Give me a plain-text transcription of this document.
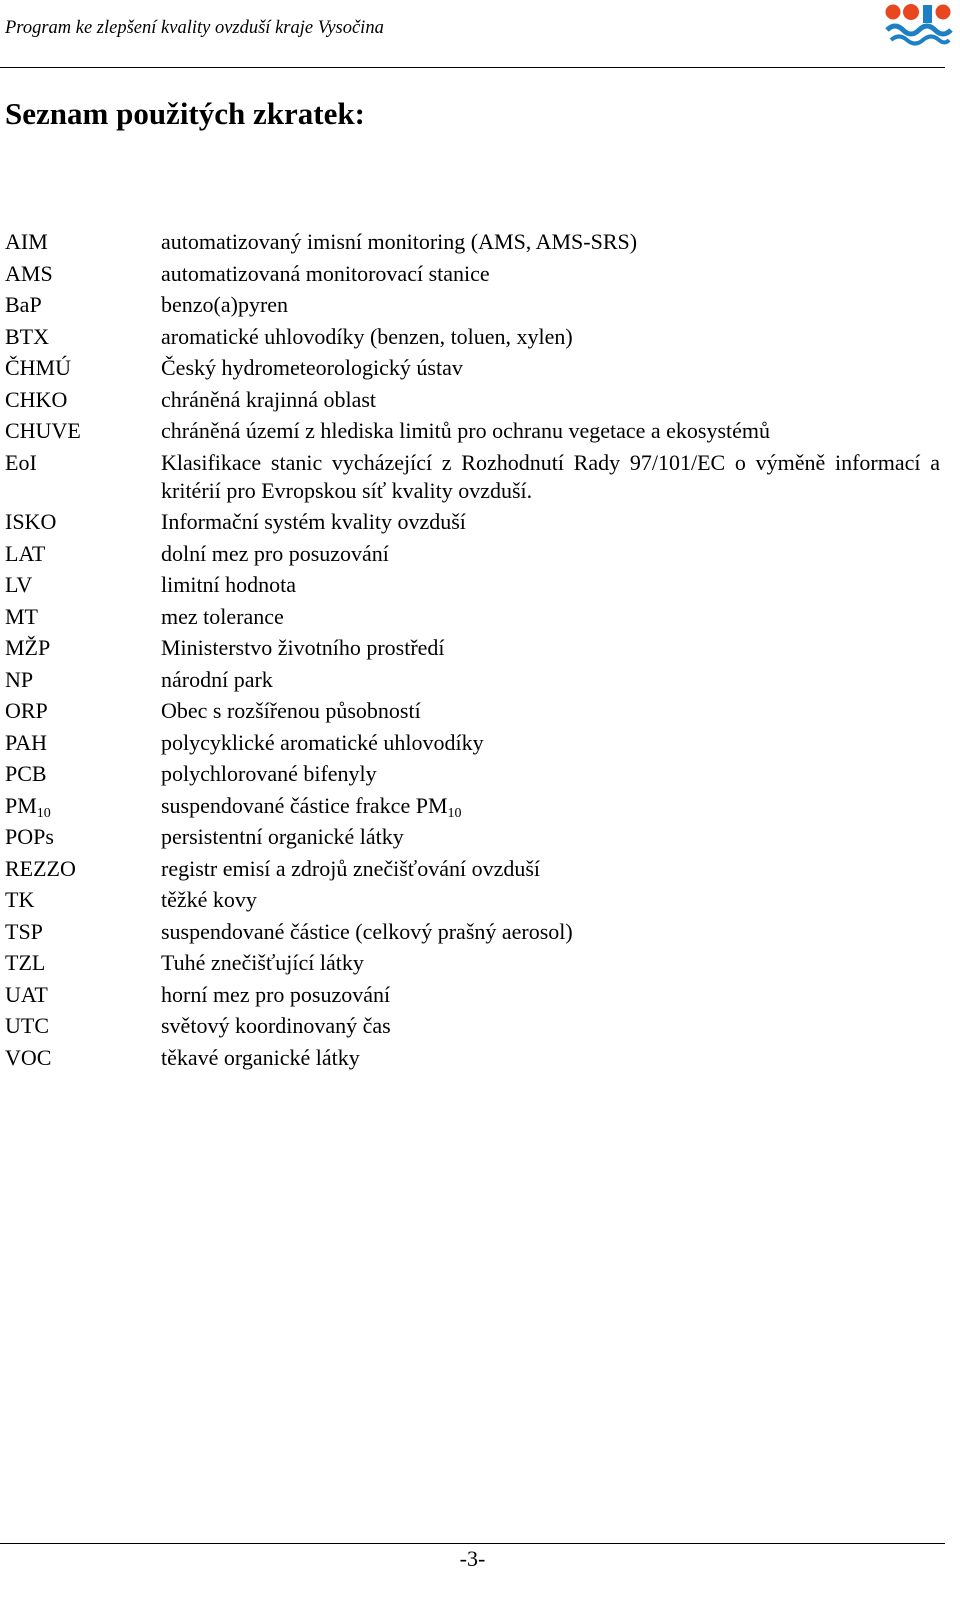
Program ke zlepšení kvality ovzduší kraje Vysočina
Seznam použitých zkratek:
AIM	automatizovaný imisní monitoring (AMS, AMS-SRS)
AMS	automatizovaná monitorovací stanice
BaP	benzo(a)pyren
BTX	aromatické uhlovodíky (benzen, toluen, xylen)
ČHMÚ	Český hydrometeorologický ústav
CHKO	chráněná krajinná oblast
CHUVE	chráněná území z hlediska limitů pro ochranu vegetace a ekosystémů
EoI	Klasifikace stanic vycházející z Rozhodnutí Rady 97/101/EC o výměně informací a kritérií pro Evropskou síť kvality ovzduší.
ISKO	Informační systém kvality ovzduší
LAT	dolní mez pro posuzování
LV	limitní hodnota
MT	mez tolerance
MŽP	Ministerstvo životního prostředí
NP	národní park
ORP	Obec s rozšířenou působností
PAH	polycyklické aromatické uhlovodíky
PCB	polychlorované bifenyly
$PM_{10}$	suspendované částice frakce $PM_{10}$
POPs	persistentní organické látky
REZZO	registr emisí a zdrojů znečišťování ovzduší
TK	těžké kovy
TSP	suspendované částice (celkový prašný aerosol)
TZL	Tuhé znečišťující látky
UAT	horní mez pro posuzování
UTC	světový koordinovaný čas
VOC	těkavé organické látky
-3-
